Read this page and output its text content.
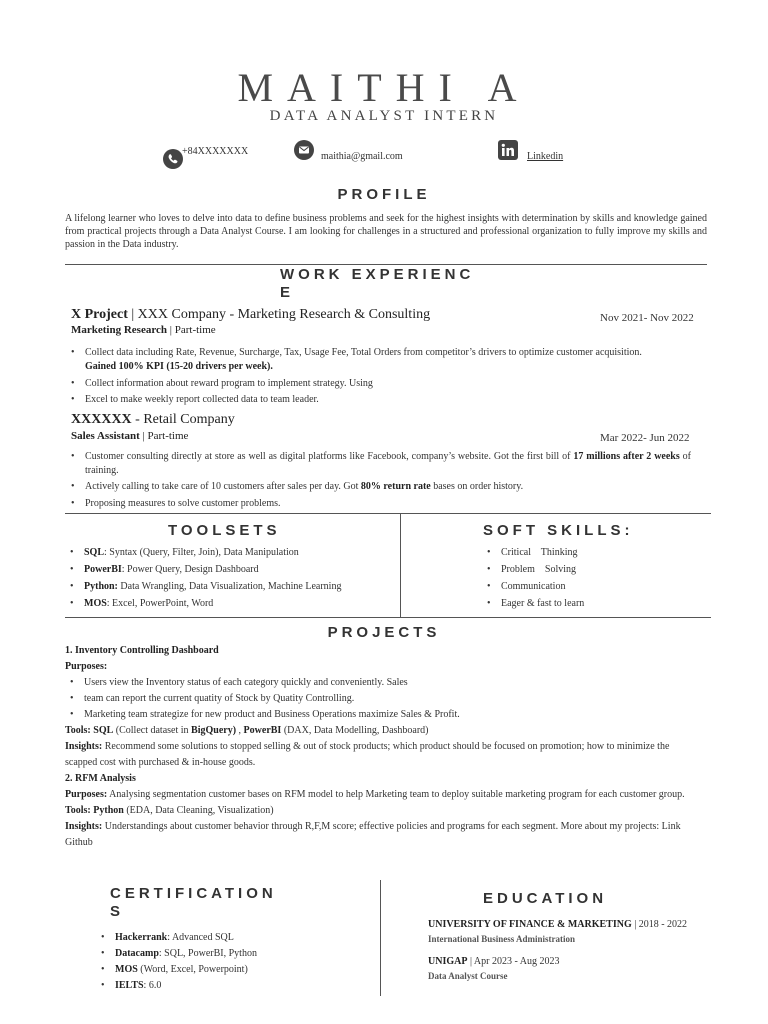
MAITHI A
DATA ANALYST INTERN
+84XXXXXXX	maithia@gmail.com	Linkedin
PROFILE
A lifelong learner who loves to delve into data to define business problems and seek for the highest insights with determination by skills and knowledge gained from practical projects through a Data Analyst Course. I am looking for challenges in a structured and professional organization to fully improve my skills and passion in the Data industry.
WORK EXPERIENC
E
X Project | XXX Company - Marketing Research & Consulting	Nov 2021- Nov 2022
Marketing Research | Part-time
• Collect data including Rate, Revenue, Surcharge, Tax, Usage Fee, Total Orders from competitor’s drivers to optimize customer acquisition.
Gained 100% KPI (15-20 drivers per week).
• Collect information about reward program to implement strategy. Using
• Excel to make weekly report collected data to team leader.
XXXXXX - Retail Company
Sales Assistant | Part-time	Mar 2022- Jun 2022
• Customer consulting directly at store as well as digital platforms like Facebook, company’s website. Got the first bill of 17 millions after 2 weeks of training.
• Actively calling to take care of 10 customers after sales per day. Got 80% return rate bases on order history.
• Proposing measures to solve customer problems.
TOOLSETS
• SQL: Syntax (Query, Filter, Join), Data Manipulation
• PowerBI: Power Query, Design Dashboard
• Python: Data Wrangling, Data Visualization, Machine Learning
• MOS: Excel, PowerPoint, Word
SOFT SKILLS:
• Critical    Thinking
• Problem    Solving
• Communication
• Eager & fast to learn
PROJECTS
1. Inventory Controlling Dashboard
Purposes:
• Users view the Inventory status of each category quickly and conveniently. Sales
• team can report the current quatity of Stock by Quatity Controlling.
• Marketing team strategize for new product and Business Operations maximize Sales & Profit.
Tools: SQL (Collect dataset in BigQuery) , PowerBI (DAX, Data Modelling, Dashboard)
Insights: Recommend some solutions to stopped selling & out of stock products; which product should be focused on promotion; how to minimize the scapped cost with purchased & in-house goods.
2. RFM Analysis
Purposes: Analysing segmentation customer bases on RFM model to help Marketing team to deploy suitable marketing program for each customer group.
Tools: Python (EDA, Data Cleaning, Visualization)
Insights: Understandings about customer behavior through R,F,M score; effective policies and programs for each segment. More about my projects: Link Github
CERTIFICATION
S
• Hackerrank: Advanced SQL
• Datacamp: SQL, PowerBI, Python
• MOS (Word, Excel, Powerpoint)
• IELTS: 6.0
EDUCATION
UNIVERSITY OF FINANCE & MARKETING | 2018 - 2022
International Business Administration
UNIGAP | Apr 2023 - Aug 2023
Data Analyst Course
